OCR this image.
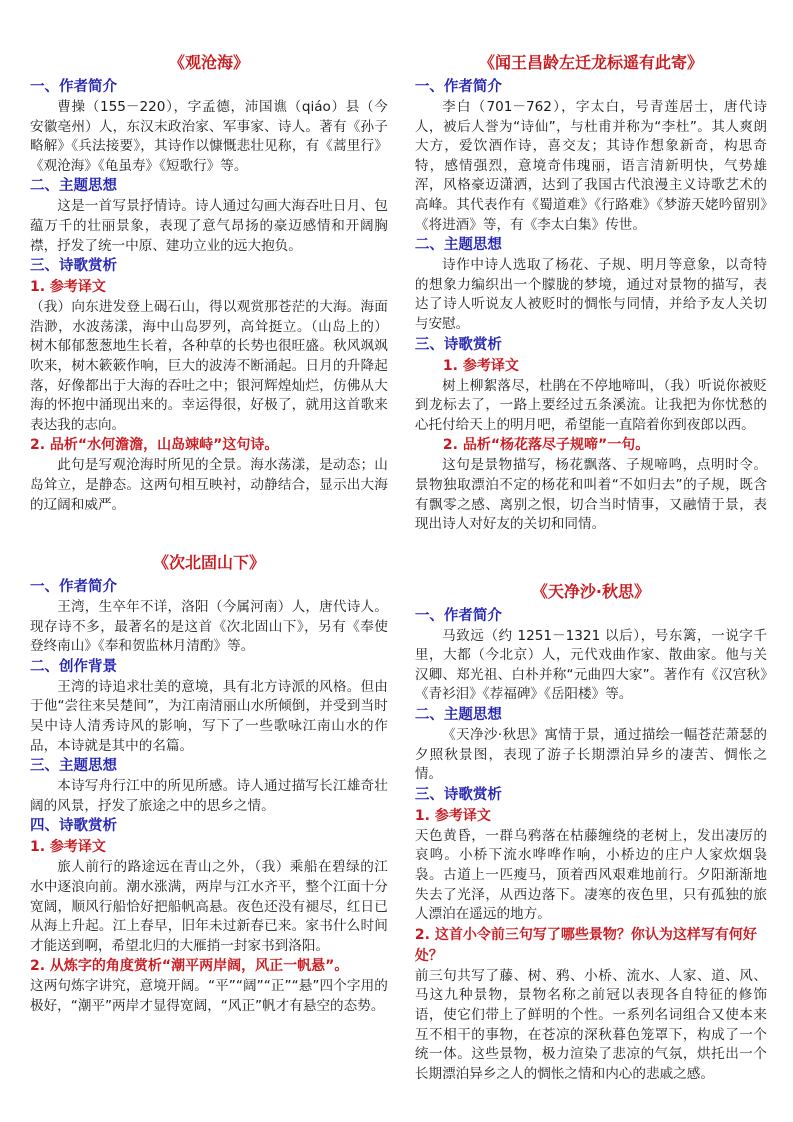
《观沧海》
一、作者简介
曹操（155－220），字孟德，沛国谯（qiáo）县（今安徽亳州）人，东汉末政治家、军事家、诗人。著有《孙子略解》《兵法接要》，其诗作以慷慨悲壮见称，有《蒿里行》《观沧海》《龟虽寿》《短歌行》等。
二、主题思想
这是一首写景抒情诗。诗人通过勾画大海吞吐日月、包蕴万千的壮丽景象，表现了意气昂扬的豪迈感情和开阔胸襟，抒发了统一中原、建功立业的远大抱负。
三、诗歌赏析
1. 参考译文
（我）向东进发登上碣石山，得以观赏那苍茫的大海。海面浩渺，水波荡漾，海中山岛罗列，高耸挺立。（山岛上的）树木郁郁葱葱地生长着，各种草的长势也很旺盛。秋风飒飒吹来，树木簌簌作响，巨大的波涛不断涌起。日月的升降起落，好像都出于大海的吞吐之中；银河辉煌灿烂，仿佛从大海的怀抱中涌现出来的。幸运得很，好极了，就用这首歌来表达我的志向。
2. 品析“水何澹澹，山岛竦峙”这句诗。
此句是写观沧海时所见的全景。海水荡漾，是动态；山岛耸立，是静态。这两句相互映衬，动静结合，显示出大海的辽阔和威严。
《次北固山下》
一、作者简介
王湾，生卒年不详，洛阳（今属河南）人，唐代诗人。现存诗不多，最著名的是这首《次北固山下》，另有《奉使登终南山》《奉和贺监林月清酌》等。
二、创作背景
王湾的诗追求壮美的意境，具有北方诗派的风格。但由于他“尝往来吴楚间”，为江南清丽山水所倾倒，并受到当时吴中诗人清秀诗风的影响，写下了一些歌咏江南山水的作品，本诗就是其中的名篇。
三、主题思想
本诗写舟行江中的所见所感。诗人通过描写长江雄奇壮阔的风景，抒发了旅途之中的思乡之情。
四、诗歌赏析
1. 参考译文
旅人前行的路途远在青山之外，（我）乘船在碧绿的江水中逐浪向前。潮水涨满，两岸与江水齐平，整个江面十分宽阔，顺风行船恰好把船帆高悬。夜色还没有褪尽，红日已从海上升起。江上春早，旧年未过新春已来。家书什么时间才能送到啊，希望北归的大雁捎一封家书到洛阳。
2. 从炼字的角度赏析“潮平两岸阔，风正一帆悬”。
这两句炼字讲究，意境开阔。“平”“阔”“正”“悬”四个字用的极好，“潮平”两岸才显得宽阔，“风正”帆才有悬空的态势。
《闻王昌龄左迁龙标遥有此寄》
一、作者简介
李白（701－762），字太白，号青莲居士，唐代诗人，被后人誉为“诗仙”，与杜甫并称为“李杜”。其人爽朗大方，爱饮酒作诗，喜交友；其诗作想象新奇，构思奇特，感情强烈，意境奇伟瑰丽，语言清新明快，气势雄浑，风格豪迈潇洒，达到了我国古代浪漫主义诗歌艺术的高峰。其代表作有《蜀道难》《行路难》《梦游天姥吟留别》《将进酒》等，有《李太白集》传世。
二、主题思想
诗作中诗人选取了杨花、子规、明月等意象，以奇特的想象力编织出一个朦胧的梦境，通过对景物的描写，表达了诗人听说友人被贬时的惆怅与同情，并给予友人关切与安慰。
三、诗歌赏析
1. 参考译文
树上柳絮落尽，杜鹃在不停地啼叫，（我）听说你被贬到龙标去了，一路上要经过五条溪流。让我把为你忧愁的心托付给天上的明月吧，希望能一直陪着你到夜郎以西。
2. 品析“杨花落尽子规啼”一句。
这句是景物描写，杨花飘落、子规啼鸣，点明时令。景物独取漂泊不定的杨花和叫着“不如归去”的子规，既含有飘零之感、离别之恨，切合当时情事，又融情于景，表现出诗人对好友的关切和同情。
《天净沙·秋思》
一、作者简介
马致远（约 1251－1321 以后），号东篱，一说字千里，大都（今北京）人，元代戏曲作家、散曲家。他与关汉卿、郑光祖、白朴并称“元曲四大家”。著作有《汉宫秋》《青衫泪》《荐福碑》《岳阳楼》等。
二、主题思想
《天净沙·秋思》寓情于景，通过描绘一幅苍茫萧瑟的夕照秋景图，表现了游子长期漂泊异乡的凄苦、惆怅之情。
三、诗歌赏析
1. 参考译文
天色黄昏，一群乌鸦落在枯藤缠绕的老树上，发出凄厉的哀鸣。小桥下流水哗哗作响，小桥边的庄户人家炊烟袅袅。古道上一匹瘦马，顶着西风艰难地前行。夕阳渐渐地失去了光泽，从西边落下。凄寒的夜色里，只有孤独的旅人漂泊在遥远的地方。
2. 这首小令前三句写了哪些景物？你认为这样写有何好处？
前三句共写了藤、树、鸦、小桥、流水、人家、道、风、马这九种景物，景物名称之前冠以表现各自特征的修饰语，使它们带上了鲜明的个性。一系列名词组合又使本来互不相干的事物，在苍凉的深秋暮色笼罩下，构成了一个统一体。这些景物，极力渲染了悲凉的气氛，烘托出一个长期漂泊异乡之人的惆怅之情和内心的悲戚之感。
